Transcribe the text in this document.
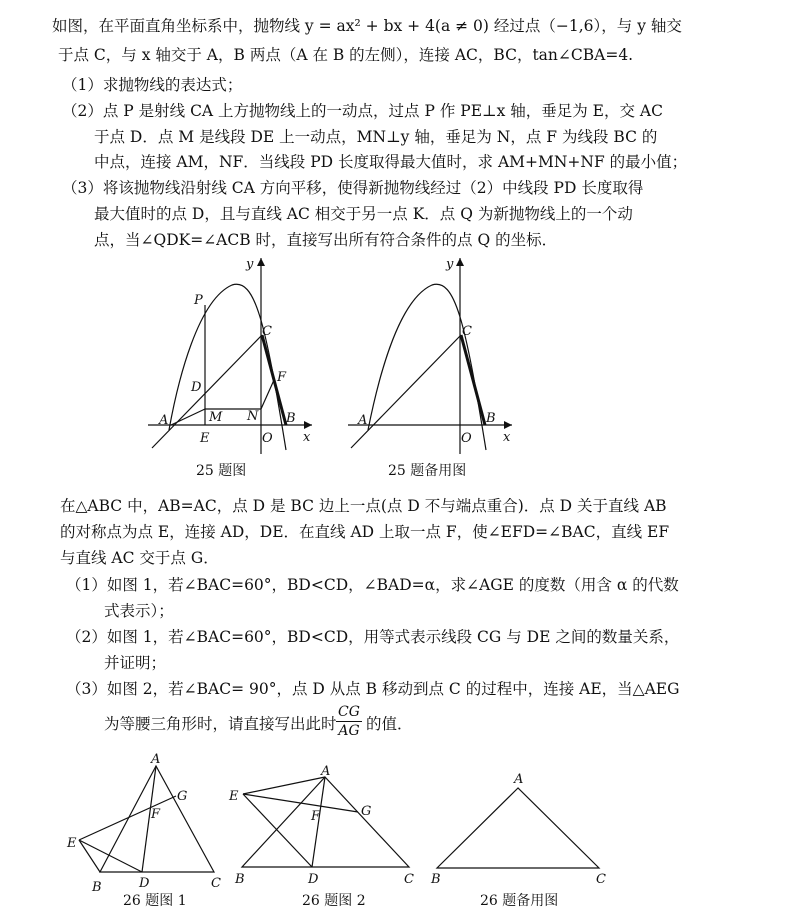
如图，在平面直角坐标系中，抛物线 y = ax² + bx + 4(a ≠ 0) 经过点（−1,6），与 y 轴交
于点 C，与 x 轴交于 A，B 两点（A 在 B 的左侧），连接 AC，BC，tan∠CBA=4.
（1）求抛物线的表达式；
（2）点 P 是射线 CA 上方抛物线上的一动点，过点 P 作 PE⊥x 轴，垂足为 E，交 AC
于点 D．点 M 是线段 DE 上一动点，MN⊥y 轴，垂足为 N，点 F 为线段 BC 的
中点，连接 AM，NF．当线段 PD 长度取得最大值时，求 AM+MN+NF 的最小值；
（3）将该抛物线沿射线 CA 方向平移，使得新抛物线经过（2）中线段 PD 长度取得
最大值时的点 D，且与直线 AC 相交于另一点 K．点 Q 为新抛物线上的一个动
点，当∠QDK=∠ACB 时，直接写出所有符合条件的点 Q 的坐标．
P
y
C
D
F
A	M N B
E	O x
y
C
A	B
O x
A
G
F
E
D
B	C
A
E
G
F
B	D	C
A
B	C
25 题图	25 题备用图
在△ABC 中，AB=AC，点 D 是 BC 边上一点(点 D 不与端点重合)．点 D 关于直线 AB
的对称点为点 E，连接 AD，DE．在直线 AD 上取一点 F，使∠EFD=∠BAC，直线 EF
与直线 AC 交于点 G．
（1）如图 1，若∠BAC=60°，BD<CD，∠BAD=α，求∠AGE 的度数（用含 α 的代数
式表示）；
（2）如图 1，若∠BAC=60°，BD<CD，用等式表示线段 CG 与 DE 之间的数量关系，
并证明；
（3）如图 2，若∠BAC= 90°，点 D 从点 B 移动到点 C 的过程中，连接 AE，当△AEG
为等腰三角形时，请直接写出此时
CG
AG 的值．
26 题图 1	26 题图 2	26 题备用图
